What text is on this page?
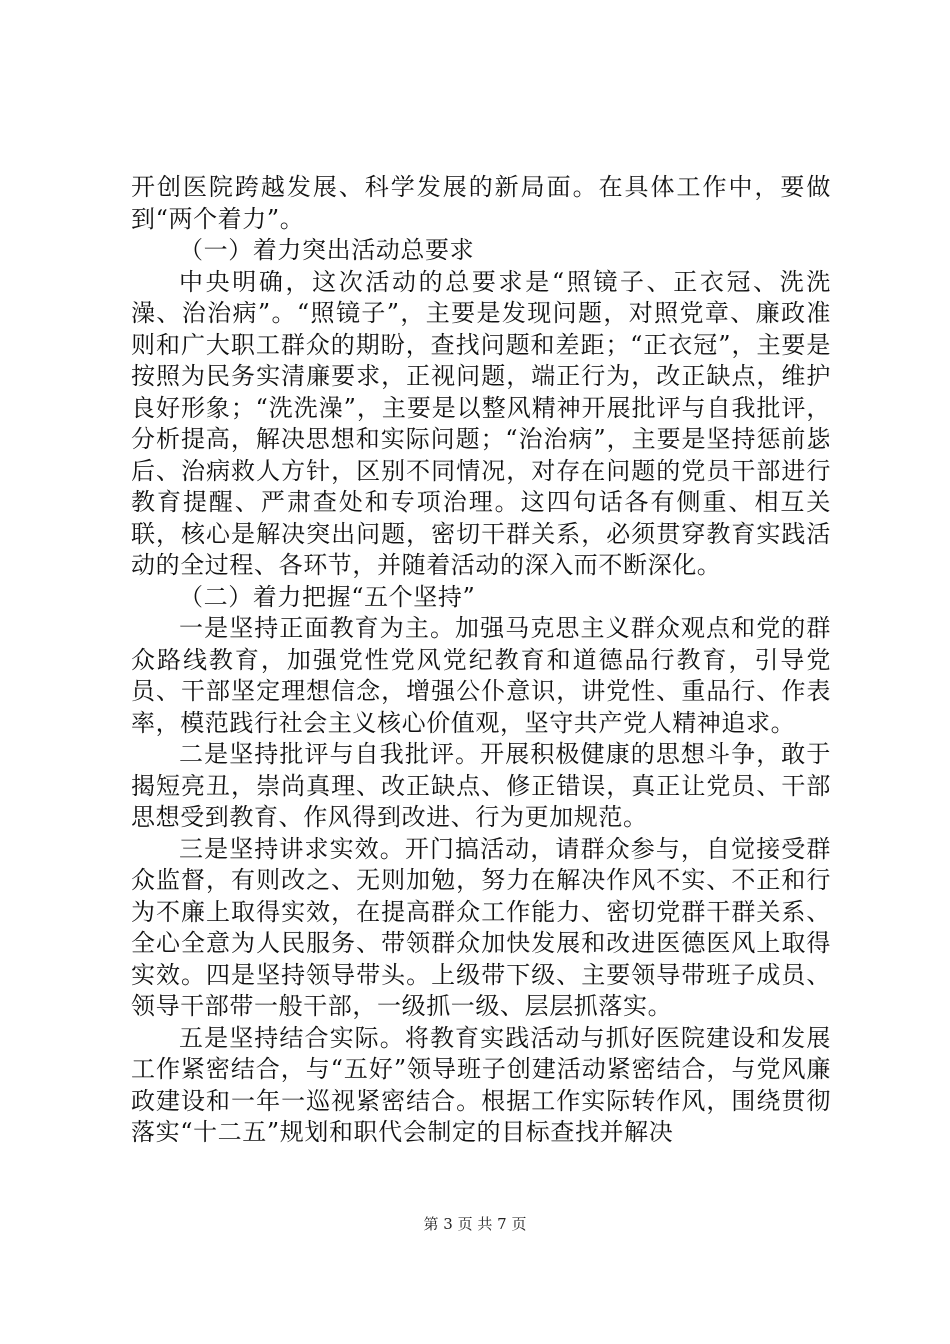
开创医院跨越发展、科学发展的新局面。在具体工作中，要做到“两个着力”。

（一）着力突出活动总要求

中央明确，这次活动的总要求是“照镜子、正衣冠、洗洗澡、治治病”。“照镜子”，主要是发现问题，对照党章、廉政准则和广大职工群众的期盼，查找问题和差距；“正衣冠”，主要是按照为民务实清廉要求，正视问题，端正行为，改正缺点，维护良好形象；“洗洗澡”，主要是以整风精神开展批评与自我批评，分析提高，解决思想和实际问题；“治治病”，主要是坚持惩前毖后、治病救人方针，区别不同情况，对存在问题的党员干部进行教育提醒、严肃查处和专项治理。这四句话各有侧重、相互关联，核心是解决突出问题，密切干群关系，必须贯穿教育实践活动的全过程、各环节，并随着活动的深入而不断深化。

（二）着力把握“五个坚持”

一是坚持正面教育为主。加强马克思主义群众观点和党的群众路线教育，加强党性党风党纪教育和道德品行教育，引导党员、干部坚定理想信念，增强公仆意识，讲党性、重品行、作表率，模范践行社会主义核心价值观，坚守共产党人精神追求。

二是坚持批评与自我批评。开展积极健康的思想斗争，敢于揭短亮丑，崇尚真理、改正缺点、修正错误，真正让党员、干部思想受到教育、作风得到改进、行为更加规范。

三是坚持讲求实效。开门搞活动，请群众参与，自觉接受群众监督，有则改之、无则加勉，努力在解决作风不实、不正和行为不廉上取得实效，在提高群众工作能力、密切党群干群关系、全心全意为人民服务、带领群众加快发展和改进医德医风上取得实效。四是坚持领导带头。上级带下级、主要领导带班子成员、领导干部带一般干部，一级抓一级、层层抓落实。

五是坚持结合实际。将教育实践活动与抓好医院建设和发展工作紧密结合，与“五好”领导班子创建活动紧密结合，与党风廉政建设和一年一巡视紧密结合。根据工作实际转作风，围绕贯彻落实“十二五”规划和职代会制定的目标查找并解决

第 3 页 共 7 页
